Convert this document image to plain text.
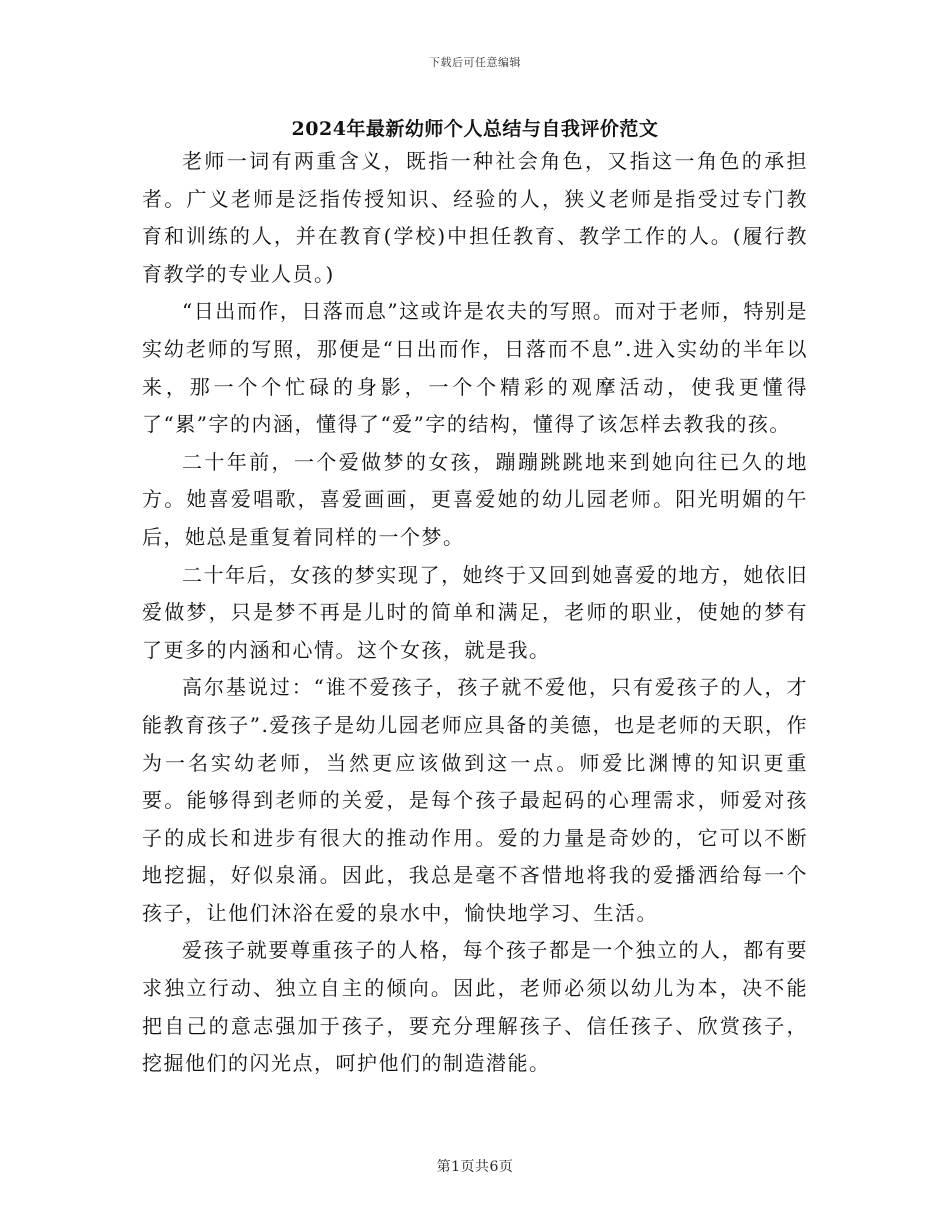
下载后可任意编辑
2024年最新幼师个人总结与自我评价范文

老师一词有两重含义，既指一种社会角色，又指这一角色的承担者。广义老师是泛指传授知识、经验的人，狭义老师是指受过专门教育和训练的人，并在教育(学校)中担任教育、教学工作的人。(履行教育教学的专业人员。)

“日出而作，日落而息”这或许是农夫的写照。而对于老师，特别是实幼老师的写照，那便是“日出而作，日落而不息”.进入实幼的半年以来，那一个个忙碌的身影，一个个精彩的观摩活动，使我更懂得了“累”字的内涵，懂得了“爱”字的结构，懂得了该怎样去教我的孩。

二十年前，一个爱做梦的女孩，蹦蹦跳跳地来到她向往已久的地方。她喜爱唱歌，喜爱画画，更喜爱她的幼儿园老师。阳光明媚的午后，她总是重复着同样的一个梦。

二十年后，女孩的梦实现了，她终于又回到她喜爱的地方，她依旧爱做梦，只是梦不再是儿时的简单和满足，老师的职业，使她的梦有了更多的内涵和心情。这个女孩，就是我。

高尔基说过：“谁不爱孩子，孩子就不爱他，只有爱孩子的人，才能教育孩子”.爱孩子是幼儿园老师应具备的美德，也是老师的天职，作为一名实幼老师，当然更应该做到这一点。师爱比渊博的知识更重要。能够得到老师的关爱，是每个孩子最起码的心理需求，师爱对孩子的成长和进步有很大的推动作用。爱的力量是奇妙的，它可以不断地挖掘，好似泉涌。因此，我总是毫不吝惜地将我的爱播洒给每一个孩子，让他们沐浴在爱的泉水中，愉快地学习、生活。

爱孩子就要尊重孩子的人格，每个孩子都是一个独立的人，都有要求独立行动、独立自主的倾向。因此，老师必须以幼儿为本，决不能把自己的意志强加于孩子，要充分理解孩子、信任孩子、欣赏孩子，挖掘他们的闪光点，呵护他们的制造潜能。

第1页共6页
